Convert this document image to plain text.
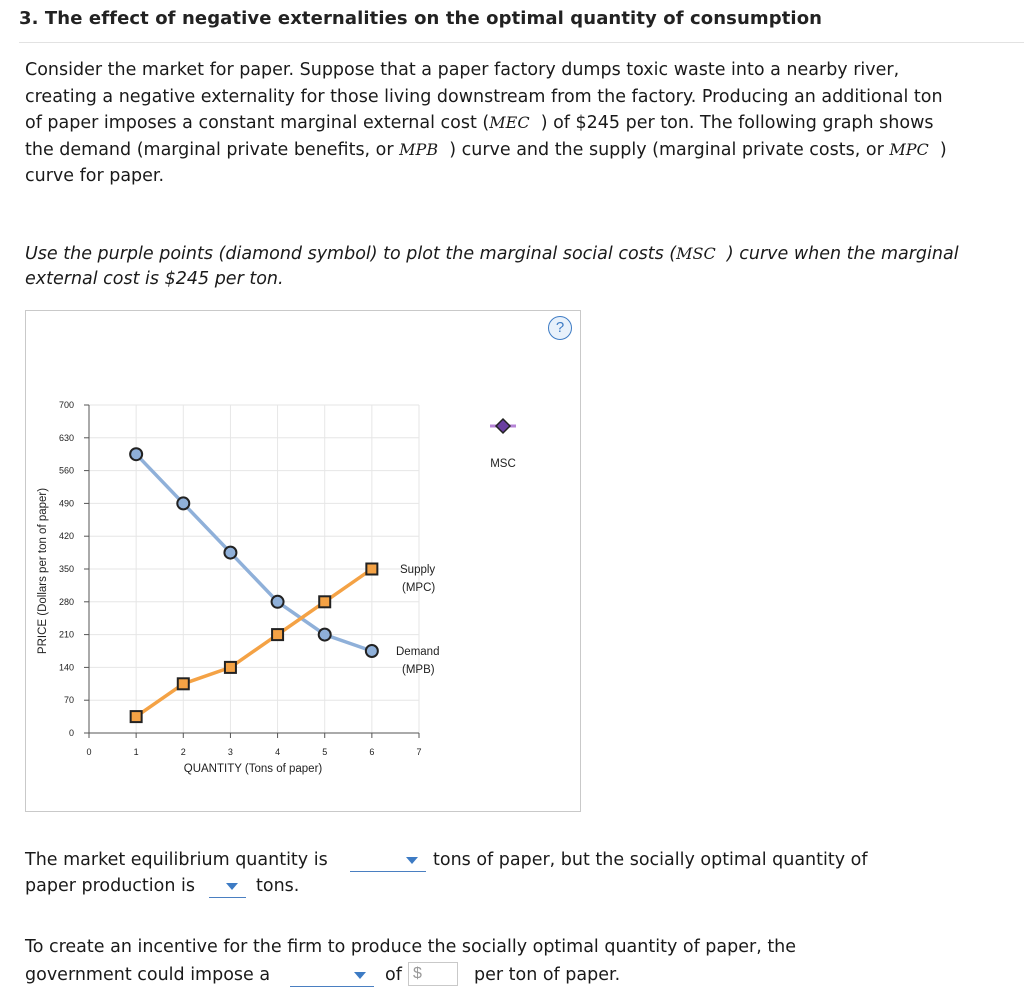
3. The effect of negative externalities on the optimal quantity of consumption
Consider the market for paper. Suppose that a paper factory dumps toxic waste into a nearby river, creating a negative externality for those living downstream from the factory. Producing an additional ton of paper imposes a constant marginal external cost (MEC ) of $245 per ton. The following graph shows the demand (marginal private benefits, or MPB ) curve and the supply (marginal private costs, or MPC ) curve for paper.
Use the purple points (diamond symbol) to plot the marginal social costs (MSC ) curve when the marginal external cost is $245 per ton.
?
0
70
140
210
280
350
420
490
560
630
700
0	1	2	3	4	5	6	7
QUANTITY (Tons of paper)
PRICE (Dollars per ton of paper)	Supply
(MPC)
Demand
(MPB)
MSC
The market equilibrium quantity is	tons of paper, but the socially optimal quantity of
paper production is	tons.
To create an incentive for the firm to produce the socially optimal quantity of paper, the
government could impose a	of $	per ton of paper.
